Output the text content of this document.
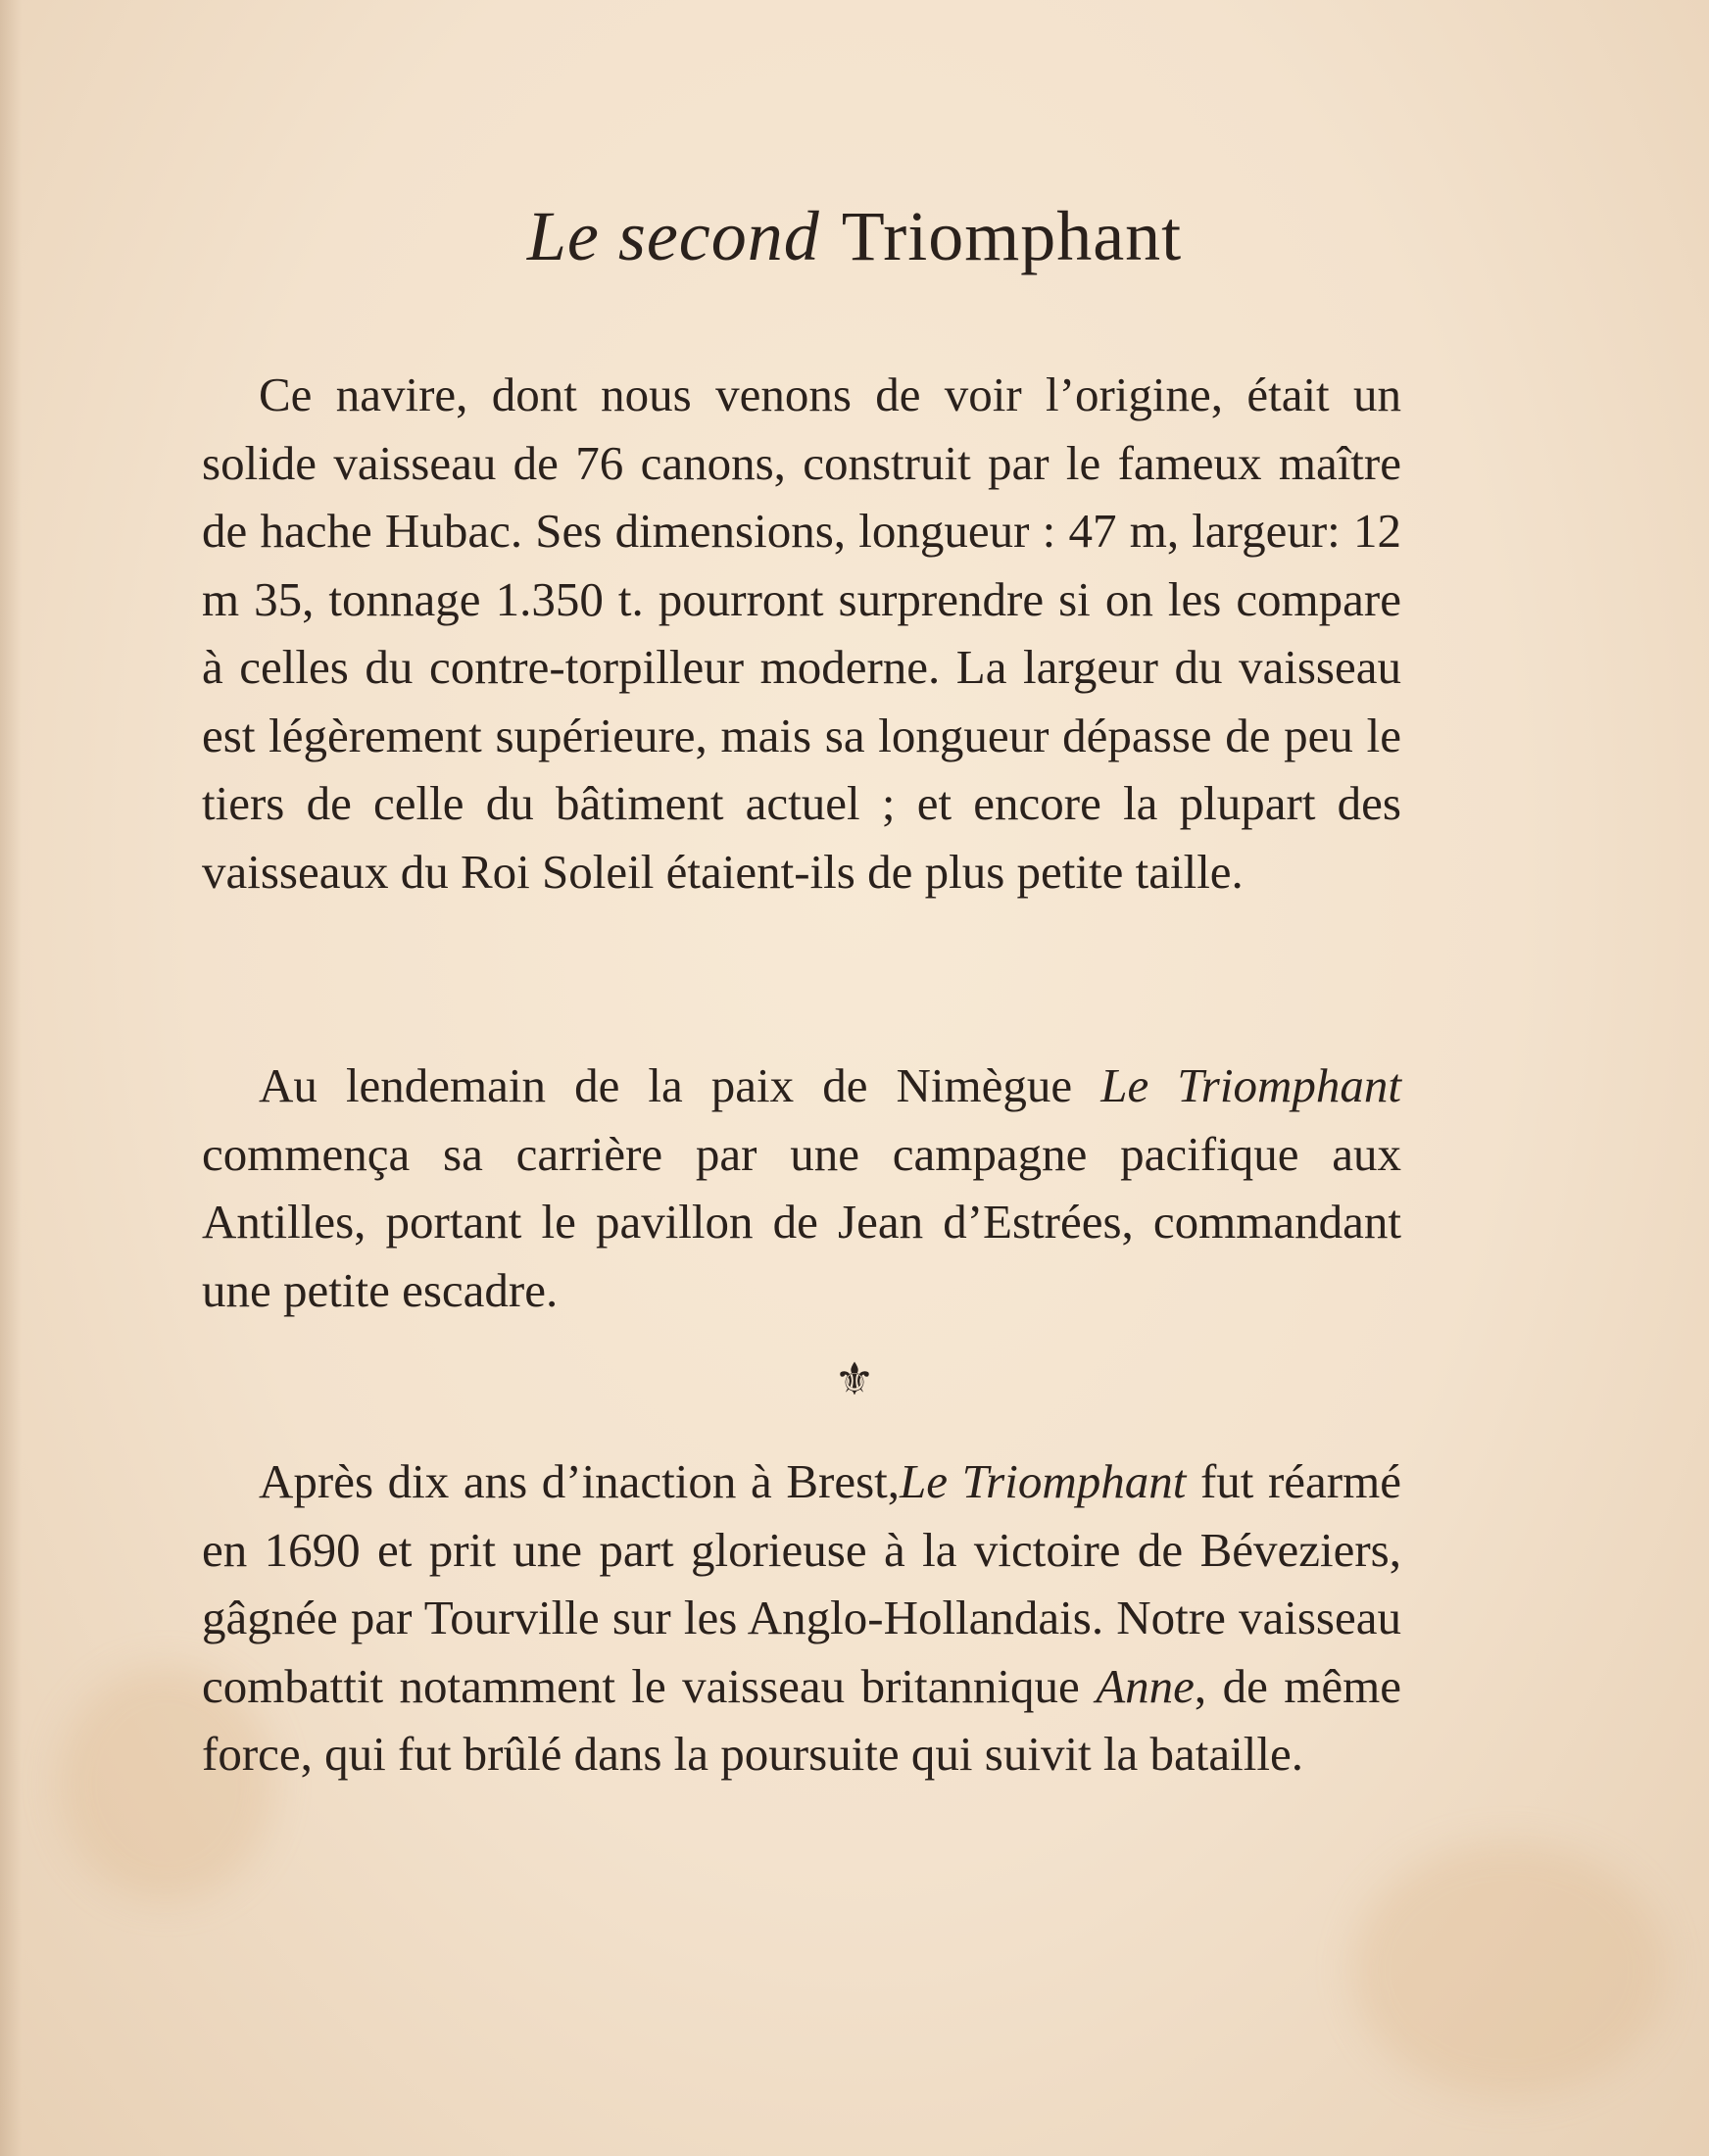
Le second Triomphant

Ce navire, dont nous venons de voir l’origine, était un solide vaisseau de 76 canons, construit par le fameux maître de hache Hubac. Ses dimensions, longueur : 47 m, largeur: 12 m 35, tonnage 1.350 t. pourront surprendre si on les compare à celles du contre-torpilleur moderne. La largeur du vaisseau est légèrement supérieure, mais sa longueur dépasse de peu le tiers de celle du bâtiment actuel ; et encore la plupart des vaisseaux du Roi Soleil étaient-ils de plus petite taille.

Au lendemain de la paix de Nimègue Le Triomphant commença sa carrière par une campagne pacifique aux Antilles, portant le pavillon de Jean d’Estrées, commandant une petite escadre.

⚜

Après dix ans d’inaction à Brest,Le Triomphant fut réarmé en 1690 et prit une part glorieuse à la victoire de Béveziers, gâgnée par Tourville sur les Anglo-Hollandais. Notre vaisseau combattit notamment le vaisseau britannique Anne, de même force, qui fut brûlé dans la poursuite qui suivit la bataille.
